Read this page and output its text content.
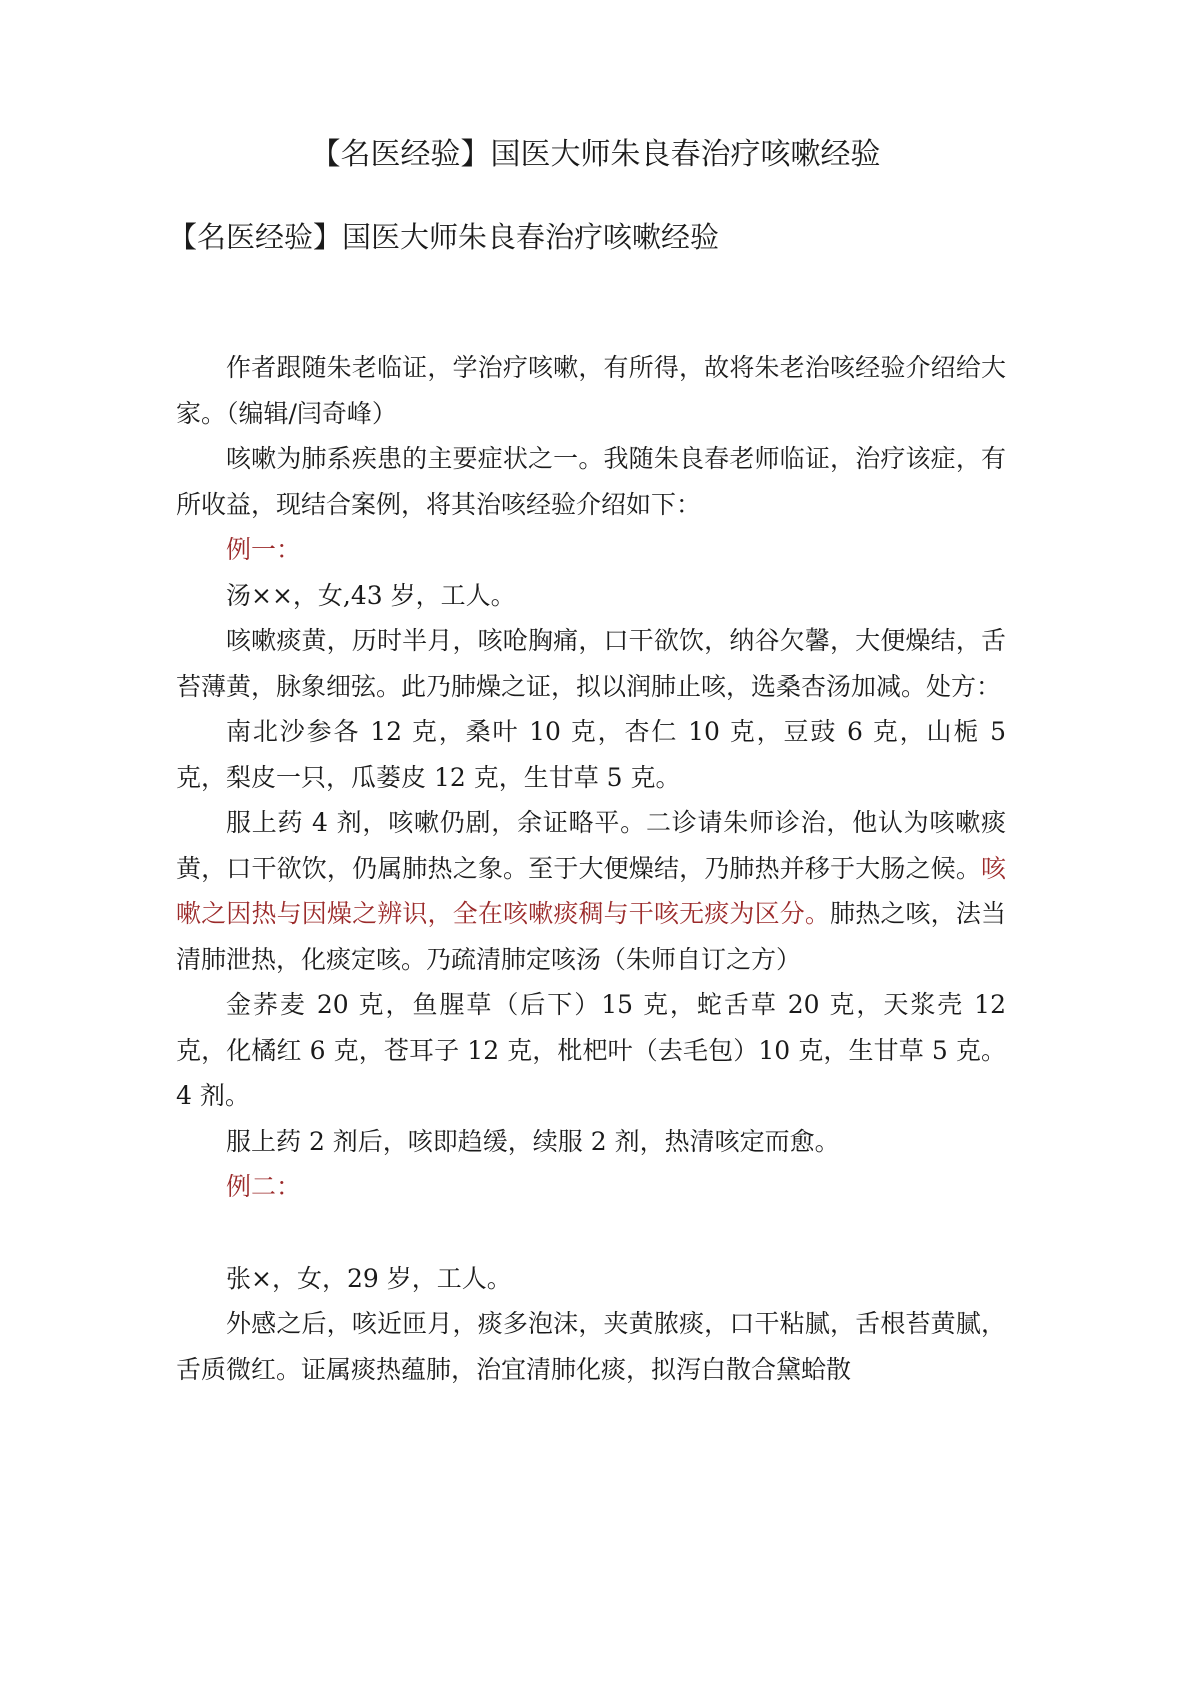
【名医经验】国医大师朱良春治疗咳嗽经验
【名医经验】国医大师朱良春治疗咳嗽经验

作者跟随朱老临证，学治疗咳嗽，有所得，故将朱老治咳经验介绍给大家。（编辑/闫奇峰）

咳嗽为肺系疾患的主要症状之一。我随朱良春老师临证，治疗该症，有所收益，现结合案例，将其治咳经验介绍如下：

例一：

汤××，女,43 岁，工人。

咳嗽痰黄，历时半月，咳呛胸痛，口干欲饮，纳谷欠馨，大便燥结，舌苔薄黄，脉象细弦。此乃肺燥之证，拟以润肺止咳，选桑杏汤加减。处方：

南北沙参各 12 克，桑叶 10 克，杏仁 10 克，豆豉 6 克，山栀 5 克，梨皮一只，瓜蒌皮 12 克，生甘草 5 克。

服上药 4 剂，咳嗽仍剧，余证略平。二诊请朱师诊治，他认为咳嗽痰黄，口干欲饮，仍属肺热之象。至于大便燥结，乃肺热并移于大肠之候。咳嗽之因热与因燥之辨识，全在咳嗽痰稠与干咳无痰为区分。肺热之咳，法当清肺泄热，化痰定咳。乃疏清肺定咳汤（朱师自订之方）

金荞麦 20 克，鱼腥草（后下）15 克，蛇舌草 20 克，天浆壳 12 克，化橘红 6 克，苍耳子 12 克，枇杷叶（去毛包）10 克，生甘草 5 克。4 剂。

服上药 2 剂后，咳即趋缓，续服 2 剂，热清咳定而愈。

例二：

张×，女，29 岁，工人。

外感之后，咳近匝月，痰多泡沫，夹黄脓痰，口干粘腻，舌根苔黄腻，舌质微红。证属痰热蕴肺，治宜清肺化痰，拟泻白散合黛蛤散
